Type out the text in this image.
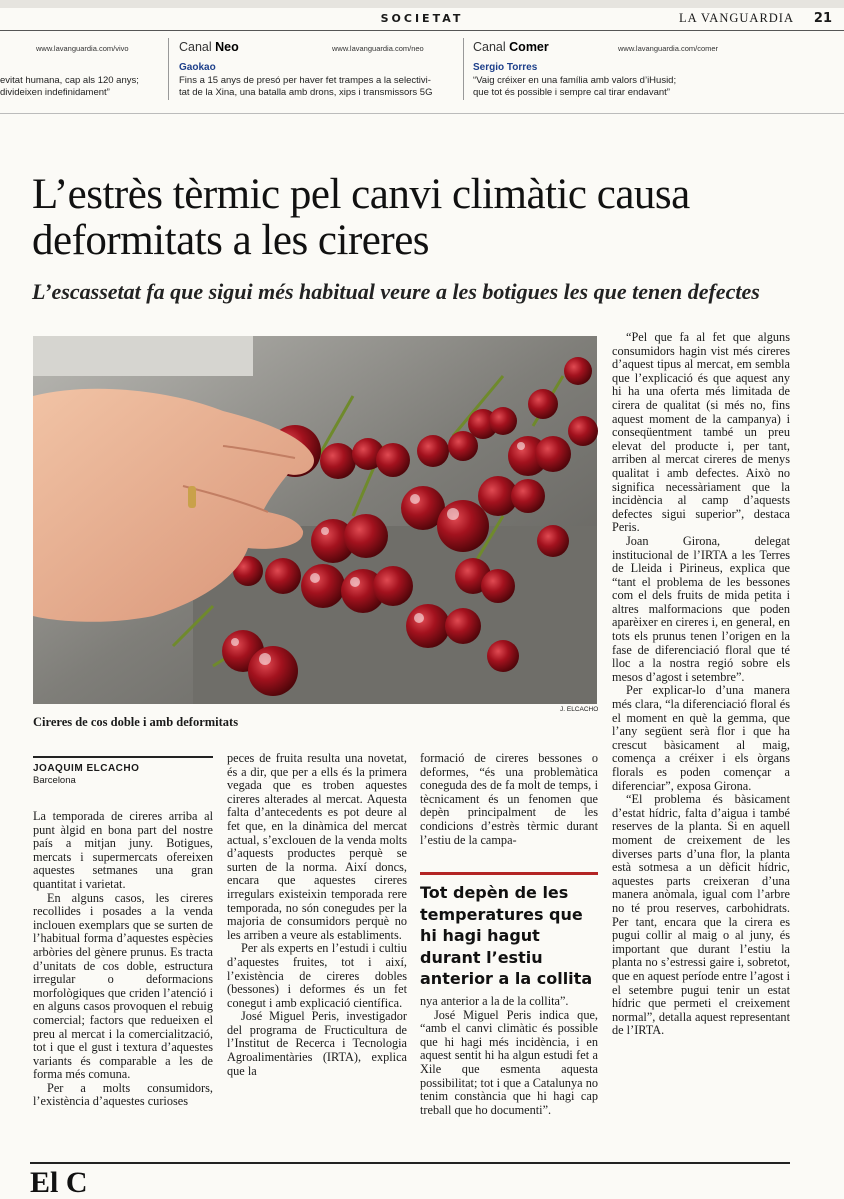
SOCIETAT	LA VANGUARDIA 21
www.lavanguardia.com/vivo
evitat humana, cap als 120 anys;
divideixen indefinidament”
Canal Neo	www.lavanguardia.com/neo
Gaokao
Fins a 15 anys de presó per haver fet trampes a la selectivi-
tat de la Xina, una batalla amb drons, xips i transmissors 5G
Canal Comer	www.lavanguardia.com/comer
Sergio Torres
“Vaig créixer en una família amb valors d’iHusid;
que tot és possible i sempre cal tirar endavant”
L’estrès tèrmic pel canvi climàtic causa deformitats a les cireres
L’escassetat fa que sigui més habitual veure a les botigues les que tenen defectes
J. ELCACHO
Cireres de cos doble i amb deformitats
JOAQUIM ELCACHO
Barcelona

La temporada de cireres arriba al punt àlgid en bona part del nostre país a mitjan juny. Botigues, mercats i supermercats ofereixen aquestes setmanes una gran quantitat i varietat.

En alguns casos, les cireres recollides i posades a la venda inclouen exemplars que se surten de l’habitual forma d’aquestes espècies arbòries del gènere prunus. Es tracta d’unitats de cos doble, estructura irregular o deformacions morfològiques que criden l’atenció i en alguns casos provoquen el rebuig comercial; factors que redueixen el preu al mercat i la comercialització, tot i que el gust i textura d’aquestes variants és comparable a les de forma més comuna.

Per a molts consumidors, l’existència d’aquestes curioses

peces de fruita resulta una novetat, és a dir, que per a ells és la primera vegada que es troben aquestes cireres alterades al mercat. Aquesta falta d’antecedents es pot deure al fet que, en la dinàmica del mercat actual, s’exclouen de la venda molts d’aquests productes perquè se surten de la norma. Així doncs, encara que aquestes cireres irregulars existeixin temporada rere temporada, no són conegudes per la majoria de consumidors perquè no les arriben a veure als establiments.

Per als experts en l’estudi i cultiu d’aquestes fruites, tot i així, l’existència de cireres dobles (bessones) i deformes és un fet conegut i amb explicació científica.

José Miguel Peris, investigador del programa de Fructicultura de l’Institut de Recerca i Tecnologia Agroalimentàries (IRTA), explica que la

formació de cireres bessones o deformes, “és una problemàtica coneguda des de fa molt de temps, i tècnicament és un fenomen que depèn principalment de les condicions d’estrès tèrmic durant l’estiu de la campa-

Tot depèn de les temperatures que hi hagi hagut durant l’estiu anterior a la collita

nya anterior a la de la collita”.

José Miguel Peris indica que, “amb el canvi climàtic és possible que hi hagi més incidència, i en aquest sentit hi ha algun estudi fet a Xile que esmenta aquesta possibilitat; tot i que a Catalunya no tenim constància que hi hagi cap treball que ho documenti”.

“Pel que fa al fet que alguns consumidors hagin vist més cireres d’aquest tipus al mercat, em sembla que l’explicació és que aquest any hi ha una oferta més limitada de cirera de qualitat (si més no, fins aquest moment de la campanya) i conseqüentment també un preu elevat del producte i, per tant, arriben al mercat cireres de menys qualitat i amb defectes. Això no significa necessàriament que la incidència al camp d’aquests defectes sigui superior”, destaca Peris.

Joan Girona, delegat institucional de l’IRTA a les Terres de Lleida i Pirineus, explica que “tant el problema de les bessones com el dels fruits de mida petita i altres malformacions que poden aparèixer en cireres i, en general, en tots els prunus tenen l’origen en la fase de diferenciació floral que té lloc a la nostra regió sobre els mesos d’agost i setembre”.

Per explicar-lo d’una manera més clara, “la diferenciació floral és el moment en què la gemma, que l’any següent serà flor i que ha crescut bàsicament al maig, comença a créixer i els òrgans florals es poden començar a diferenciar”, exposa Girona.

“El problema és bàsicament d’estat hídric, falta d’aigua i també reserves de la planta. Si en aquell moment de creixement de les diverses parts d’una flor, la planta està sotmesa a un dèficit hídric, aquestes parts creixeran d’una manera anòmala, igual com l’arbre no té prou reserves, carbohidrats. Per tant, encara que la cirera es pugui collir al maig o al juny, és important que durant l’estiu la planta no s’estressi gaire i, sobretot, que en aquest període entre l’agost i el setembre pugui tenir un estat hídric que permeti el creixement normal”, detalla aquest representant de l’IRTA.

El C
